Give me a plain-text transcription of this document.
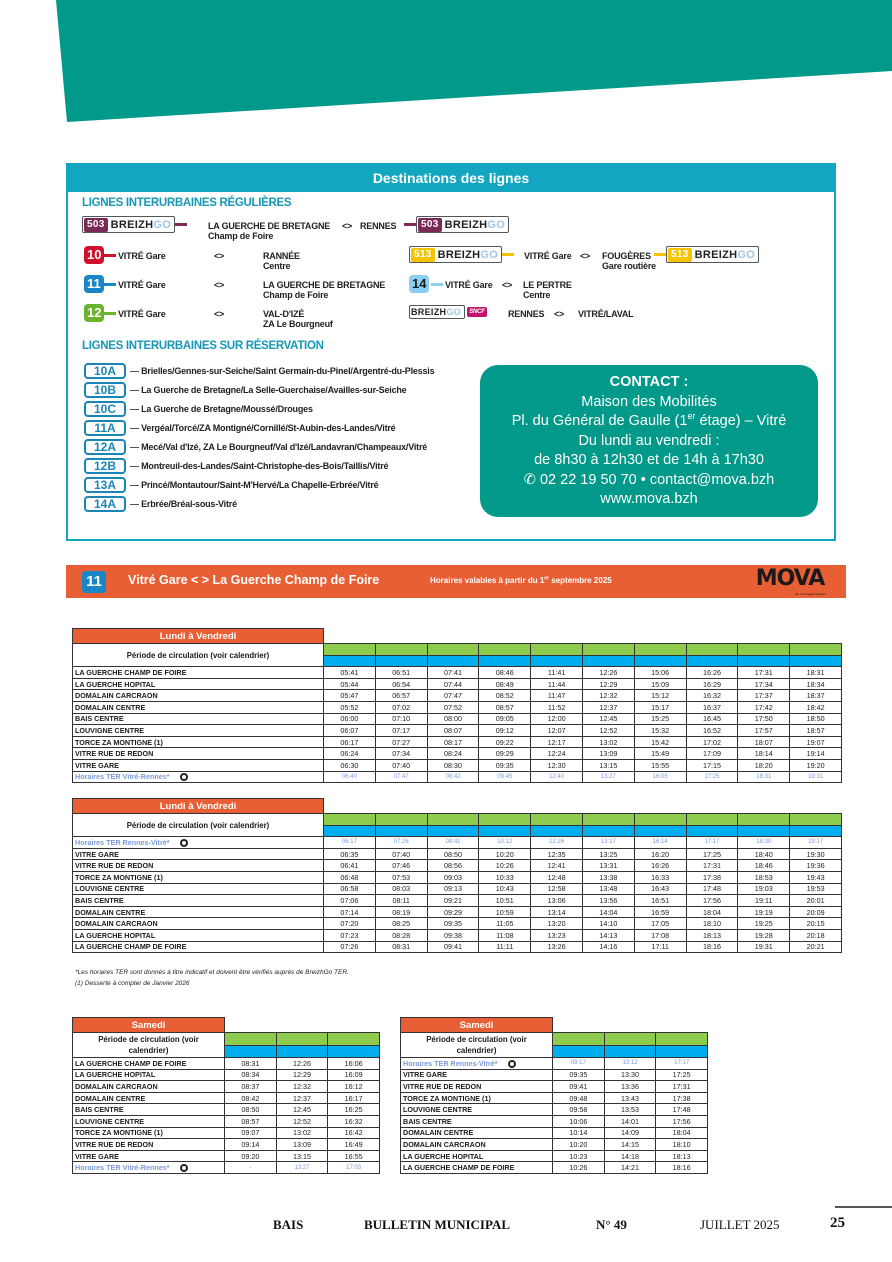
Destinations des lignes
LIGNES INTERURBAINES RÉGULIÈRES
503 BREIZH GO	LA GUERCHE DE BRETAGNE
Champ de Foire
<> RENNES	503 BREIZH GO
10	VITRÉ Gare	<>	RANNÉE
Centre
513 BREIZH GO	VITRÉ Gare <> FOUGÈRES
Gare routière
513 BREIZH GO
11	VITRÉ Gare	<>	LA GUERCHE DE BRETAGNE
Champ de Foire
14	VITRÉ Gare <> LE PERTRE
Centre
12	VITRÉ Gare	<>	VAL-D'IZÉ
ZA Le Bourgneuf
BREIZH GO SNCF	RENNES <> VITRÉ/LAVAL
LIGNES INTERURBAINES SUR RÉSERVATION
10A	— Brielles/Gennes-sur-Seiche/Saint Germain-du-Pinel/Argentré-du-Plessis
10B	— La Guerche de Bretagne/La Selle-Guerchaise/Availles-sur-Seiche
10C	— La Guerche de Bretagne/Moussé/Drouges
11A	— Vergéal/Torcé/ZA Montigné/Cornillé/St-Aubin-des-Landes/Vitré
12A	— Mecé/Val d'Izé, ZA Le Bourgneuf/Val d'Izé/Landavran/Champeaux/Vitré
12B	— Montreuil-des-Landes/Saint-Christophe-des-Bois/Taillis/Vitré
13A	— Princé/Montautour/Saint-M'Hervé/La Chapelle-Erbrée/Vitré
14A	— Erbrée/Bréal-sous-Vitré
CONTACT :
Maison des Mobilités
Pl. du Général de Gaulle (1er étage) – Vitré
Du lundi au vendredi :
de 8h30 à 12h30 et de 14h à 17h30
✆ 02 22 19 50 70 • contact@mova.bzh
www.mova.bzh
11	Vitré Gare < > La Guerche Champ de Foire	Horaires valables à partir du 1er septembre 2025	MOVA
par Vitré Agglomération
Lundi à Vendredi										
Période de circulation (voir calendrier)										

LA GUERCHE CHAMP DE FOIRE	05:41	06:51	07:41	08:46	11:41	12:26	15:06	16:26	17:31	18:31
LA GUERCHE HOPITAL	05:44	06:54	07:44	08:49	11:44	12:29	15:09	16:29	17:34	18:34
DOMALAIN CARCRAON	05:47	06:57	07:47	08:52	11:47	12:32	15:12	16:32	17:37	18:37
DOMALAIN CENTRE	05:52	07:02	07:52	08:57	11:52	12:37	15:17	16:37	17:42	18:42
BAIS CENTRE	06:00	07:10	08:00	09:05	12:00	12:45	15:25	16:45	17:50	18:50
LOUVIGNE CENTRE	06:07	07:17	08:07	09:12	12:07	12:52	15:32	16:52	17:57	18:57
TORCE ZA MONTIGNE (1)	06:17	07:27	08:17	09:22	12:17	13:02	15:42	17:02	18:07	19:07
VITRE RUE DE REDON	06:24	07:34	08:24	09:29	12:24	13:09	15:49	17:09	18:14	19:14
VITRE GARE	06:30	07:40	08:30	09:35	12:30	13:15	15:55	17:15	18:20	19:20
Horaires TER Vitré-Rennes*	06:40	07:47	08:42	09:45	12:40	13:27	16:05	17:25	18:31	19:31
Lundi à Vendredi										
Période de circulation (voir calendrier)										

Horaires TER Rennes-Vitré*	06:17	07:26	08:41	10:12	12:26	13:17	16:14	17:17	18:30	19:17
VITRE GARE	06:35	07:40	08:50	10:20	12:35	13:25	16:20	17:25	18:40	19:30
VITRE RUE DE REDON	06:41	07:46	08:56	10:26	12:41	13:31	16:26	17:31	18:46	19:36
TORCE ZA MONTIGNE (1)	06:48	07:53	09:03	10:33	12:48	13:38	16:33	17:38	18:53	19:43
LOUVIGNE CENTRE	06:58	08:03	09:13	10:43	12:58	13:48	16:43	17:48	19:03	19:53
BAIS CENTRE	07:06	08:11	09:21	10:51	13:06	13:56	16:51	17:56	19:11	20:01
DOMALAIN CENTRE	07:14	08:19	09:29	10:59	13:14	14:04	16:59	18:04	19:19	20:09
DOMALAIN CARCRAON	07:20	08:25	09:35	11:05	13:20	14:10	17:05	18:10	19:25	20:15
LA GUERCHE HOPITAL	07:23	08:28	09:38	11:08	13:23	14:13	17:08	18:13	19:28	20:18
LA GUERCHE CHAMP DE FOIRE	07:26	08:31	09:41	11:11	13:26	14:16	17:11	18:16	19:31	20:21
*Les horaires TER sont donnés à titre indicatif et doivent être vérifiés auprès de BreizhGo TER.
(1) Desserte à compter de Janvier 2026
Samedi			
Période de circulation (voir calendrier)			

LA GUERCHE CHAMP DE FOIRE	08:31	12:26	16:06
LA GUERCHE HOPITAL	08:34	12:29	16:09
DOMALAIN CARCRAON	08:37	12:32	16:12
DOMALAIN CENTRE	08:42	12:37	16:17
BAIS CENTRE	08:50	12:45	16:25
LOUVIGNE CENTRE	08:57	12:52	16:32
TORCE ZA MONTIGNE (1)	09:07	13:02	16:42
VITRE RUE DE REDON	09:14	13:09	16:49
VITRE GARE	09:20	13:15	16:55
Horaires TER Vitré-Rennes*	-	13:27	17:05
Samedi			
Période de circulation (voir calendrier)			

Horaires TER Rennes-Vitré*	09:17	13:12	17:17
VITRE GARE	09:35	13:30	17:25
VITRE RUE DE REDON	09:41	13:36	17:31
TORCE ZA MONTIGNE (1)	09:48	13:43	17:38
LOUVIGNE CENTRE	09:58	13:53	17:48
BAIS CENTRE	10:06	14:01	17:56
DOMALAIN CENTRE	10:14	14:09	18:04
DOMALAIN CARCRAON	10:20	14:15	18:10
LA GUERCHE HOPITAL	10:23	14:18	18:13
LA GUERCHE CHAMP DE FOIRE	10:26	14:21	18:16
BAIS	BULLETIN MUNICIPAL	N° 49	JUILLET 2025	25
